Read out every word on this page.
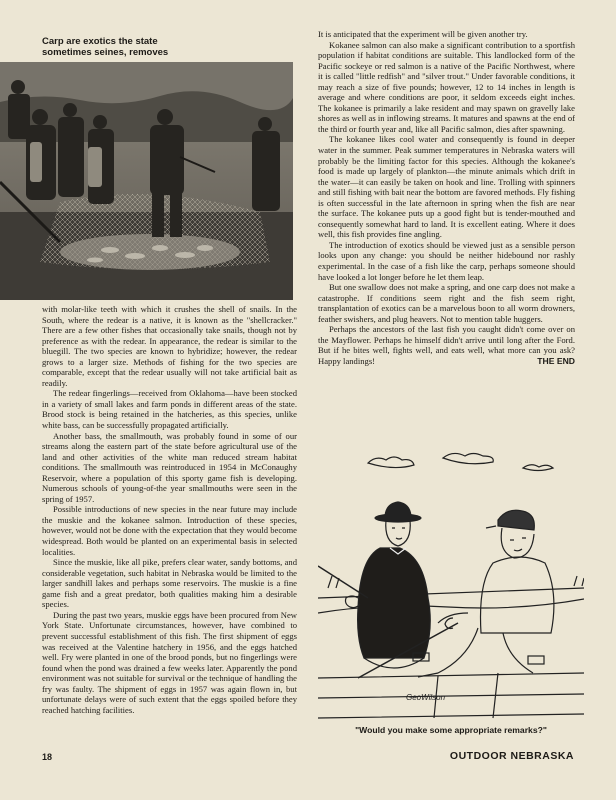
Carp are exotics the state
sometimes seines, removes

with molar-like teeth with which it crushes the shell of snails. In the South, where the redear is a native, it is known as the "shellcracker." There are a few other fishes that occasionally take snails, though not by preference as with the redear. In appearance, the redear is similar to the bluegill. The two species are known to hybridize; however, the redear grows to a larger size. Methods of fishing for the two species are comparable, except that the redear usually will not take artificial bait as readily.

The redear fingerlings—received from Oklahoma—have been stocked in a variety of small lakes and farm ponds in different areas of the state. Brood stock is being retained in the hatcheries, as this species, unlike white bass, can be successfully propagated artificially.

Another bass, the smallmouth, was probably found in some of our streams along the eastern part of the state before agricultural use of the land and other activities of the white man reduced stream habitat conditions. The smallmouth was reintroduced in 1954 in McConaughy Reservoir, where a population of this sporty game fish is developing. Numerous schools of young-of-the year smallmouths were seen in the spring of 1957.

Possible introductions of new species in the near future may include the muskie and the kokanee salmon. Introduction of these species, however, would not be done with the expectation that they would become widespread. Both would be planted on an experimental basis in selected localities.

Since the muskie, like all pike, prefers clear water, sandy bottoms, and considerable vegetation, such habitat in Nebraska would be limited to the larger sandhill lakes and perhaps some reservoirs. The muskie is a fine game fish and a great predator, both qualities making him a desirable species.

During the past two years, muskie eggs have been procured from New York State. Unfortunate circumstances, however, have combined to prevent successful establishment of this fish. The first shipment of eggs was received at the Valentine hatchery in 1956, and the eggs hatched well. Fry were planted in one of the brood ponds, but no fingerlings were found when the pond was drained a few weeks later. Apparently the pond environment was not suitable for survival or the technique of handling the fry was faulty. The shipment of eggs in 1957 was again flown in, but unfortunate delays were of such extent that the eggs spoiled before they reached hatching facilities.

It is anticipated that the experiment will be given another try.

Kokanee salmon can also make a significant contribution to a sportfish population if habitat conditions are suitable. This landlocked form of the Pacific sockeye or red salmon is a native of the Pacific Northwest, where it is called "little redfish" and "silver trout." Under favorable conditions, it may reach a size of five pounds; however, 12 to 14 inches in length is average and where conditions are poor, it seldom exceeds eight inches. The kokanee is primarily a lake resident and may spawn on gravelly lake shores as well as in inflowing streams. It matures and spawns at the end of the third or fourth year and, like all Pacific salmon, dies after spawning.

The kokanee likes cool water and consequently is found in deeper water in the summer. Peak summer temperatures in Nebraska waters will probably be the limiting factor for this species. Although the kokanee's food is made up largely of plankton—the minute animals which drift in the water—it can easily be taken on hook and line. Trolling with spinners and still fishing with bait near the bottom are favored methods. Fly fishing is often successful in the late afternoon in spring when the fish are near the surface. The kokanee puts up a good fight but is tender-mouthed and consequently somewhat hard to land. It is excellent eating. Where it does well, this fish provides fine angling.

The introduction of exotics should be viewed just as a sensible person looks upon any change: you should be neither hidebound nor rashly experimental. In the case of a fish like the carp, perhaps someone should have looked a lot longer before he let them leap.

But one swallow does not make a spring, and one carp does not make a catastrophe. If conditions seem right and the fish seem right, transplantation of exotics can be a marvelous boon to all worm drowners, feather swishers, and plug heavers. Not to mention table huggers.

Perhaps the ancestors of the last fish you caught didn't come over on the Mayflower. Perhaps he himself didn't arrive until long after the Ford. But if he bites well, fights well, and eats well, what more can you ask? Happy landings!	THE END
GeoWilson
"Would you make some appropriate remarks?"
18	OUTDOOR NEBRASKA
